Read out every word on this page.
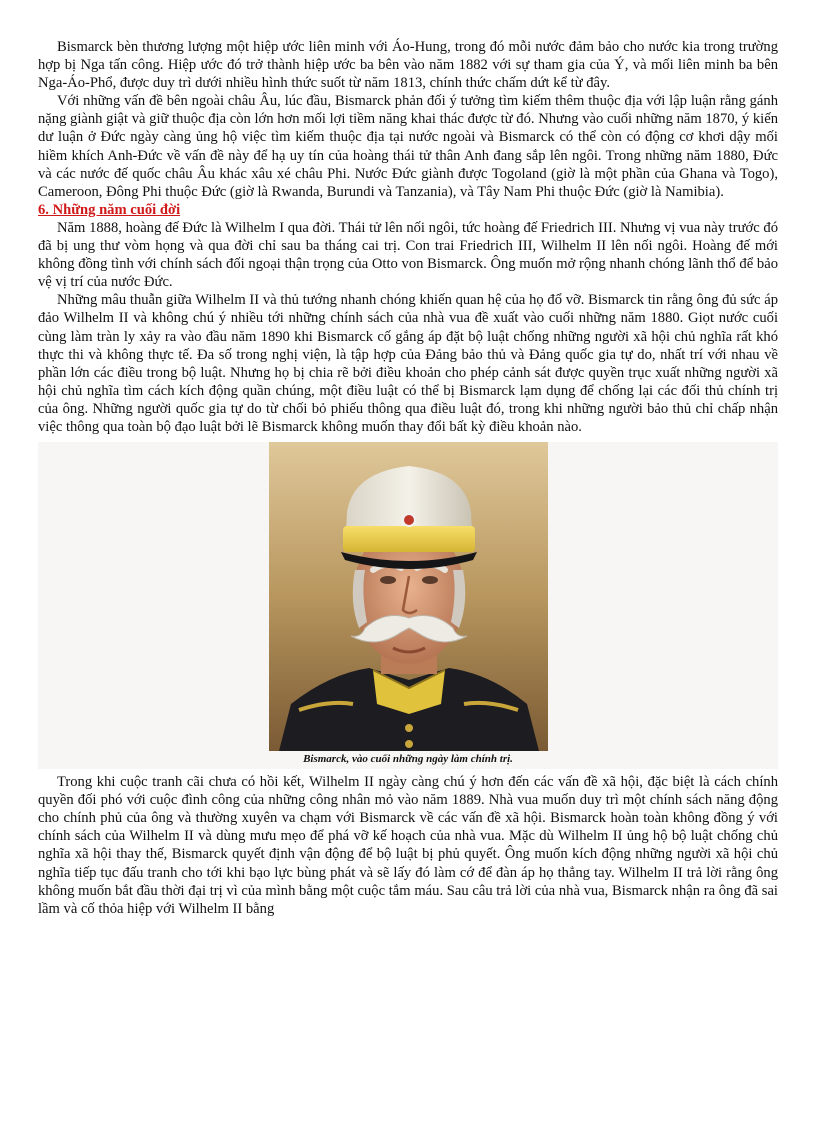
Bismarck bèn thương lượng một hiệp ước liên minh với Áo-Hung, trong đó mỗi nước đảm bảo cho nước kia trong trường hợp bị Nga tấn công. Hiệp ước đó trở thành hiệp ước ba bên vào năm 1882 với sự tham gia của Ý, và mối liên minh ba bên Nga-Áo-Phổ, được duy trì dưới nhiều hình thức suốt từ năm 1813, chính thức chấm dứt kể từ đây.

Với những vấn đề bên ngoài châu Âu, lúc đầu, Bismarck phản đối ý tưởng tìm kiếm thêm thuộc địa với lập luận rằng gánh nặng giành giật và giữ thuộc địa còn lớn hơn mối lợi tiềm năng khai thác được từ đó. Nhưng vào cuối những năm 1870, ý kiến dư luận ở Đức ngày càng ủng hộ việc tìm kiếm thuộc địa tại nước ngoài và Bismarck có thể còn có động cơ khơi dậy mối hiềm khích Anh-Đức về vấn đề này để hạ uy tín của hoàng thái tử thân Anh đang sắp lên ngôi. Trong những năm 1880, Đức và các nước đế quốc châu Âu khác xâu xé châu Phi. Nước Đức giành được Togoland (giờ là một phần của Ghana và Togo), Cameroon, Đông Phi thuộc Đức (giờ là Rwanda, Burundi và Tanzania), và Tây Nam Phi thuộc Đức (giờ là Namibia).

6. Những năm cuối đời

Năm 1888, hoàng đế Đức là Wilhelm I qua đời. Thái tử lên nối ngôi, tức hoàng đế Friedrich III. Nhưng vị vua này trước đó đã bị ung thư vòm họng và qua đời chỉ sau ba tháng cai trị. Con trai Friedrich III, Wilhelm II lên nối ngôi. Hoàng đế mới không đồng tình với chính sách đối ngoại thận trọng của Otto von Bismarck. Ông muốn mở rộng nhanh chóng lãnh thổ để bảo vệ vị trí của nước Đức.

Những mâu thuẫn giữa Wilhelm II và thủ tướng nhanh chóng khiến quan hệ của họ đổ vỡ. Bismarck tin rằng ông đủ sức áp đảo Wilhelm II và không chú ý nhiều tới những chính sách của nhà vua đề xuất vào cuối những năm 1880. Giọt nước cuối cùng làm tràn ly xảy ra vào đầu năm 1890 khi Bismarck cố gắng áp đặt bộ luật chống những người xã hội chủ nghĩa rất khó thực thi và không thực tế. Đa số trong nghị viện, là tập hợp của Đảng bảo thủ và Đảng quốc gia tự do, nhất trí với nhau về phần lớn các điều trong bộ luật. Nhưng họ bị chia rẽ bởi điều khoản cho phép cảnh sát được quyền trục xuất những người xã hội chủ nghĩa tìm cách kích động quần chúng, một điều luật có thể bị Bismarck lạm dụng để chống lại các đối thủ chính trị của ông. Những người quốc gia tự do từ chối bỏ phiếu thông qua điều luật đó, trong khi những người bảo thủ chỉ chấp nhận việc thông qua toàn bộ đạo luật bởi lẽ Bismarck không muốn thay đổi bất kỳ điều khoản nào.

Bismarck, vào cuối những ngày làm chính trị.

Trong khi cuộc tranh cãi chưa có hồi kết, Wilhelm II ngày càng chú ý hơn đến các vấn đề xã hội, đặc biệt là cách chính quyền đối phó với cuộc đình công của những công nhân mỏ vào năm 1889. Nhà vua muốn duy trì một chính sách năng động cho chính phủ của ông và thường xuyên va chạm với Bismarck về các vấn đề xã hội. Bismarck hoàn toàn không đồng ý với chính sách của Wilhelm II và dùng mưu mẹo để phá vỡ kế hoạch của nhà vua. Mặc dù Wilhelm II ủng hộ bộ luật chống chủ nghĩa xã hội thay thế, Bismarck quyết định vận động để bộ luật bị phủ quyết. Ông muốn kích động những người xã hội chủ nghĩa tiếp tục đấu tranh cho tới khi bạo lực bùng phát và sẽ lấy đó làm cớ để đàn áp họ thẳng tay. Wilhelm II trả lời rằng ông không muốn bắt đầu thời đại trị vì của mình bằng một cuộc tắm máu. Sau câu trả lời của nhà vua, Bismarck nhận ra ông đã sai lầm và cố thỏa hiệp với Wilhelm II bằng
